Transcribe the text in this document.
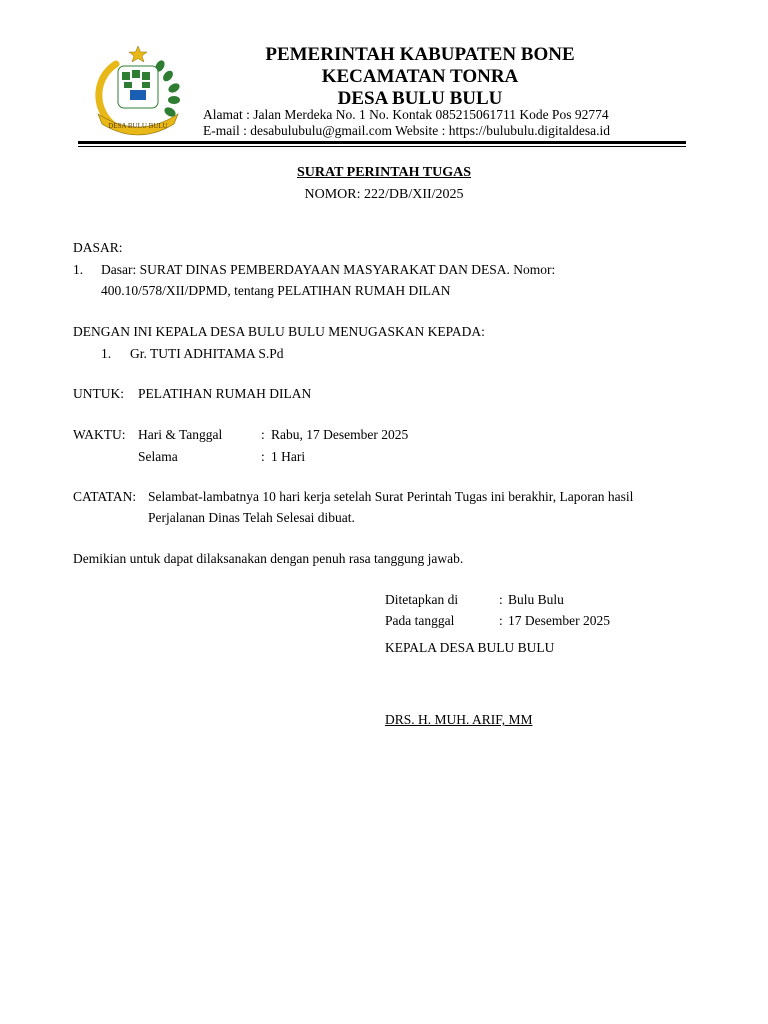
DESA BULU BULU
PEMERINTAH KABUPATEN BONE
KECAMATAN TONRA
DESA BULU BULU
Alamat : Jalan Merdeka No. 1 No. Kontak 085215061711 Kode Pos 92774
E-mail : desabulubulu@gmail.com Website : https://bulubulu.digitaldesa.id
SURAT PERINTAH TUGAS
NOMOR: 222/DB/XII/2025
DASAR:
1. Dasar: SURAT DINAS PEMBERDAYAAN MASYARAKAT DAN DESA. Nomor:
400.10/578/XII/DPMD, tentang PELATIHAN RUMAH DILAN
DENGAN INI KEPALA DESA BULU BULU MENUGASKAN KEPADA:
1. Gr. TUTI ADHITAMA S.Pd
UNTUK: PELATIHAN RUMAH DILAN
WAKTU: Hari & Tanggal	: Rabu, 17 Desember 2025
Selama	: 1 Hari
CATATAN: Selambat-lambatnya 10 hari kerja setelah Surat Perintah Tugas ini berakhir, Laporan hasil
Perjalanan Dinas Telah Selesai dibuat.
Demikian untuk dapat dilaksanakan dengan penuh rasa tanggung jawab.
Ditetapkan di	: Bulu Bulu
Pada tanggal	: 17 Desember 2025
KEPALA DESA BULU BULU
DRS. H. MUH. ARIF, MM
